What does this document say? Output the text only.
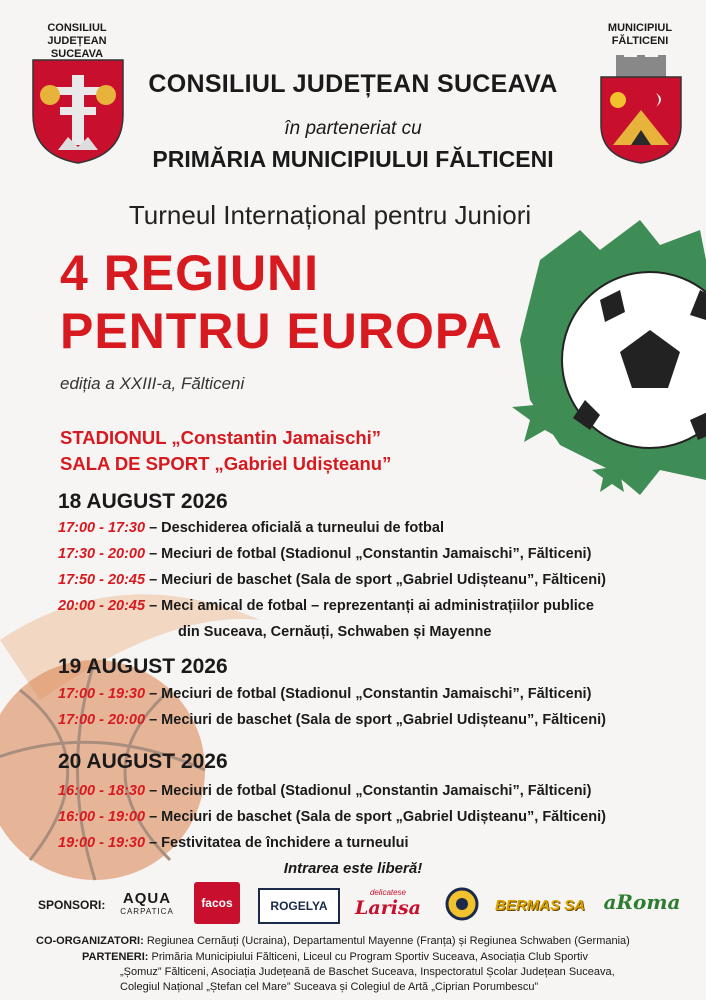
CONSILIUL JUDEȚEAN
SUCEAVA
MUNICIPIUL
FĂLTICENI
CONSILIUL JUDEȚEAN SUCEAVA
în parteneriat cu
PRIMĂRIA MUNICIPIULUI FĂLTICENI
Turneul Internațional pentru Juniori
4 REGIUNI
PENTRU EUROPA
ediția a XXIII-a, Fălticeni
STADIONUL „Constantin Jamaischi”
SALA DE SPORT „Gabriel Udișteanu”
18 AUGUST 2026
17:00 - 17:30 – Deschiderea oficială a turneului de fotbal
17:30 - 20:00 – Meciuri de fotbal (Stadionul „Constantin Jamaischi”, Fălticeni)
17:50 - 20:45 – Meciuri de baschet (Sala de sport „Gabriel Udișteanu”, Fălticeni)
20:00 - 20:45 – Meci amical de fotbal – reprezentanți ai administrațiilor publice
din Suceava, Cernăuți, Schwaben și Mayenne
19 AUGUST 2026
17:00 - 19:30 – Meciuri de fotbal (Stadionul „Constantin Jamaischi”, Fălticeni)
17:00 - 20:00 – Meciuri de baschet (Sala de sport „Gabriel Udișteanu”, Fălticeni)
20 AUGUST 2026
16:00 - 18:30 – Meciuri de fotbal (Stadionul „Constantin Jamaischi”, Fălticeni)
16:00 - 19:00 – Meciuri de baschet (Sala de sport „Gabriel Udișteanu”, Fălticeni)
19:00 - 19:30 – Festivitatea de închidere a turneului
Intrarea este liberă!
SPONSORI: AQUA
CARPATICA
facos	ROGELYA
delicatese
Larisa	BERMAS SA aRoma
CO-ORGANIZATORI: Regiunea Cernăuți (Ucraina), Departamentul Mayenne (Franța) și Regiunea Schwaben (Germania)
PARTENERI: Primăria Municipiului Fălticeni, Liceul cu Program Sportiv Suceava, Asociația Club Sportiv
„Șomuz” Fălticeni, Asociația Județeană de Baschet Suceava, Inspectoratul Școlar Județean Suceava,
Colegiul Național „Ștefan cel Mare” Suceava și Colegiul de Artă „Ciprian Porumbescu”
